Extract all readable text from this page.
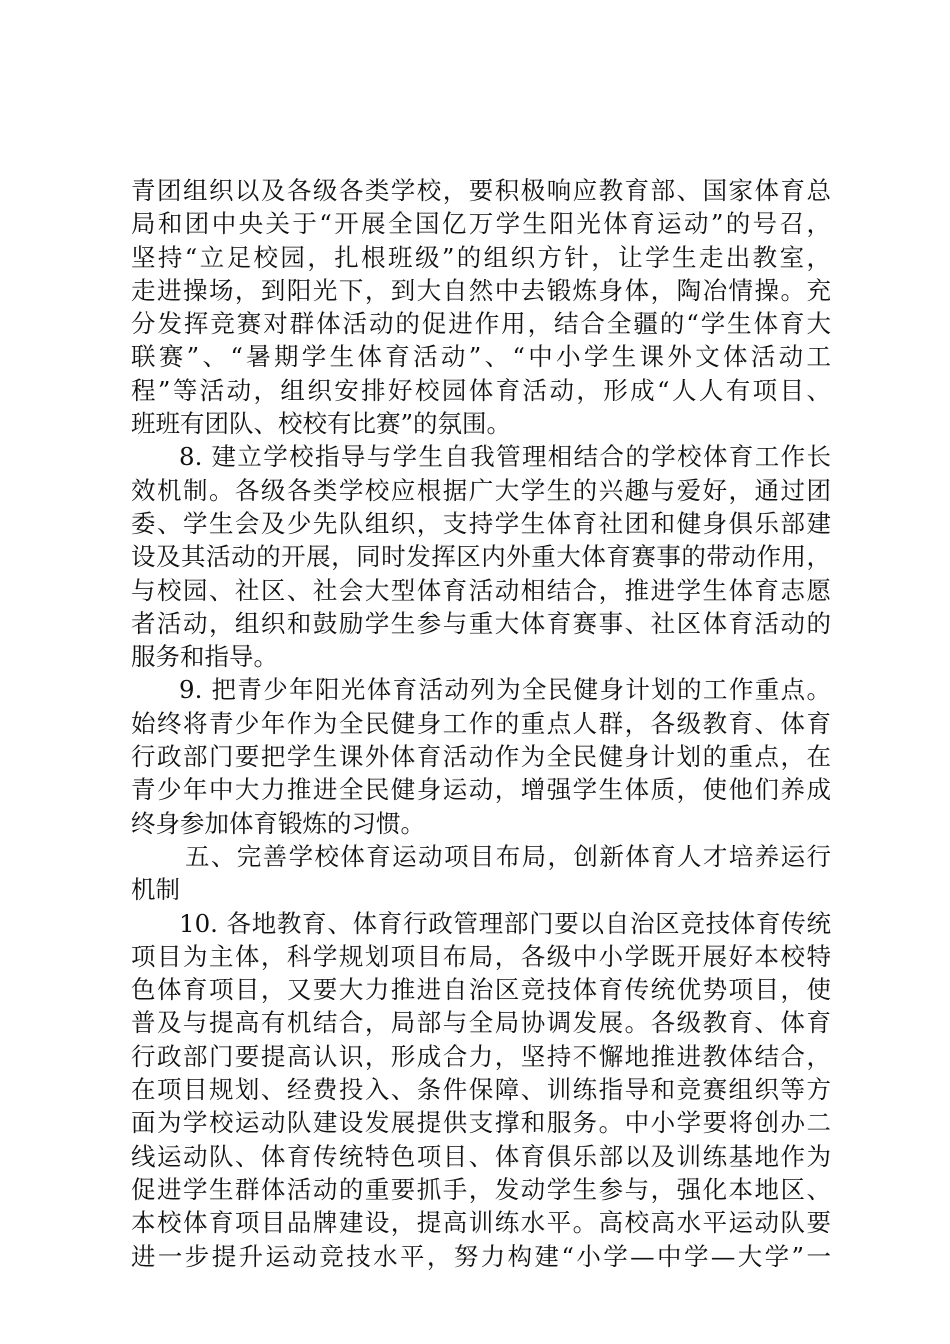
青团组织以及各级各类学校，要积极响应教育部、国家体育总
局和团中央关于“开展全国亿万学生阳光体育运动”的号召，
坚持“立足校园，扎根班级”的组织方针，让学生走出教室，
走进操场，到阳光下，到大自然中去锻炼身体，陶冶情操。充
分发挥竞赛对群体活动的促进作用，结合全疆的“学生体育大
联赛”、“暑期学生体育活动”、“中小学生课外文体活动工
程”等活动，组织安排好校园体育活动，形成“人人有项目、
班班有团队、校校有比赛”的氛围。
8. 建立学校指导与学生自我管理相结合的学校体育工作长
效机制。各级各类学校应根据广大学生的兴趣与爱好，通过团
委、学生会及少先队组织，支持学生体育社团和健身俱乐部建
设及其活动的开展，同时发挥区内外重大体育赛事的带动作用，
与校园、社区、社会大型体育活动相结合，推进学生体育志愿
者活动，组织和鼓励学生参与重大体育赛事、社区体育活动的
服务和指导。
9. 把青少年阳光体育活动列为全民健身计划的工作重点。
始终将青少年作为全民健身工作的重点人群，各级教育、体育
行政部门要把学生课外体育活动作为全民健身计划的重点，在
青少年中大力推进全民健身运动，增强学生体质，使他们养成
终身参加体育锻炼的习惯。
五、完善学校体育运动项目布局，创新体育人才培养运行
机制
10. 各地教育、体育行政管理部门要以自治区竞技体育传统
项目为主体，科学规划项目布局，各级中小学既开展好本校特
色体育项目，又要大力推进自治区竞技体育传统优势项目，使
普及与提高有机结合，局部与全局协调发展。各级教育、体育
行政部门要提高认识，形成合力，坚持不懈地推进教体结合，
在项目规划、经费投入、条件保障、训练指导和竞赛组织等方
面为学校运动队建设发展提供支撑和服务。中小学要将创办二
线运动队、体育传统特色项目、体育俱乐部以及训练基地作为
促进学生群体活动的重要抓手，发动学生参与，强化本地区、
本校体育项目品牌建设，提高训练水平。高校高水平运动队要
进一步提升运动竞技水平，努力构建“小学—中学—大学”一
